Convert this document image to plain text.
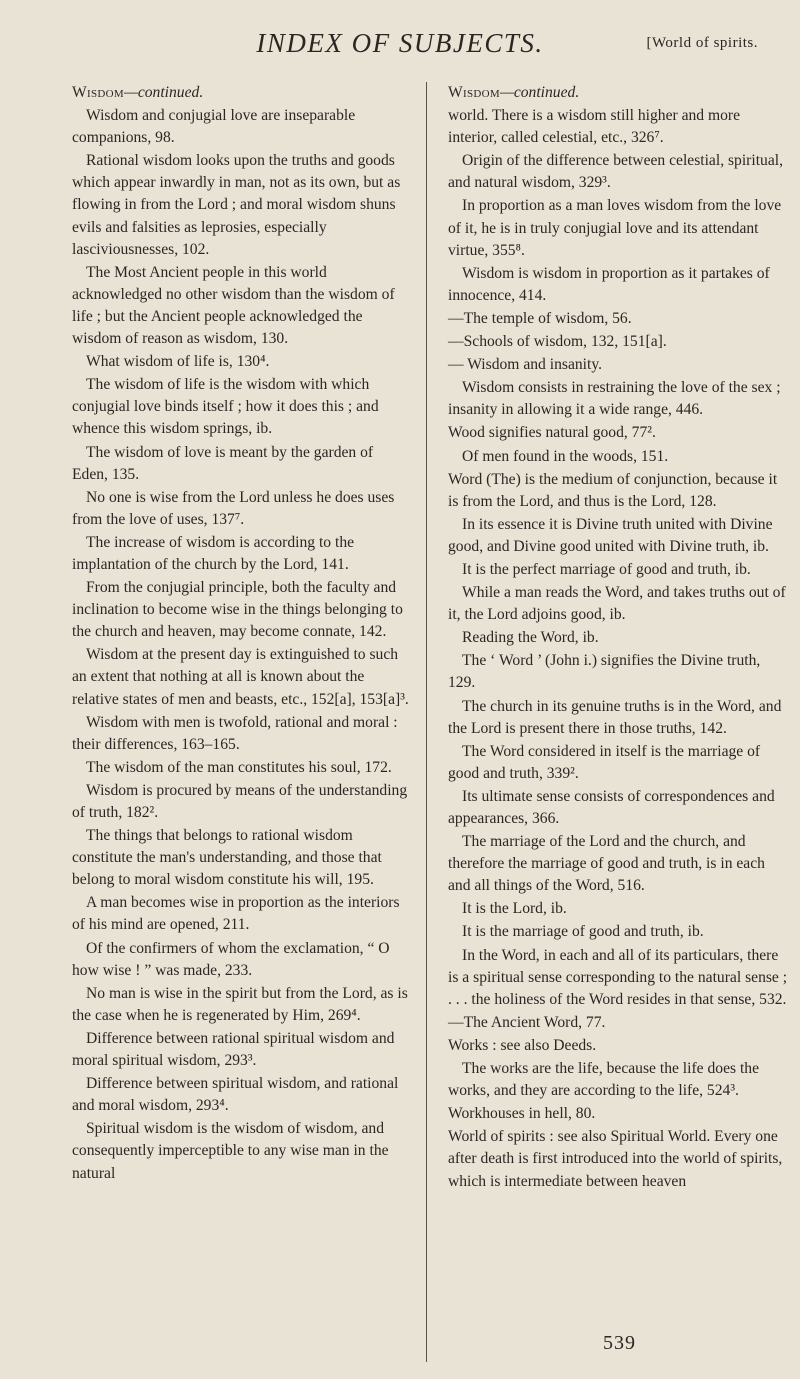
INDEX OF SUBJECTS.	[World of spirits.
Wisdom—continued.
Wisdom and conjugial love are inseparable companions, 98.
Rational wisdom looks upon the truths and goods which appear inwardly in man, not as its own, but as flowing in from the Lord ; and moral wisdom shuns evils and falsities as leprosies, especially lasciviousnesses, 102.
The Most Ancient people in this world acknowledged no other wisdom than the wisdom of life ; but the Ancient people acknowledged the wisdom of reason as wisdom, 130.
What wisdom of life is, 130⁴.
The wisdom of life is the wisdom with which conjugial love binds itself ; how it does this ; and whence this wisdom springs, ib.
The wisdom of love is meant by the garden of Eden, 135.
No one is wise from the Lord unless he does uses from the love of uses, 137⁷.
The increase of wisdom is according to the implantation of the church by the Lord, 141.
From the conjugial principle, both the faculty and inclination to become wise in the things belonging to the church and heaven, may become connate, 142.
Wisdom at the present day is extinguished to such an extent that nothing at all is known about the relative states of men and beasts, etc., 152[a], 153[a]³.
Wisdom with men is twofold, rational and moral : their differences, 163–165.
The wisdom of the man constitutes his soul, 172.
Wisdom is procured by means of the understanding of truth, 182².
The things that belongs to rational wisdom constitute the man's understanding, and those that belong to moral wisdom constitute his will, 195.
A man becomes wise in proportion as the interiors of his mind are opened, 211.
Of the confirmers of whom the exclamation, “ O how wise ! ” was made, 233.
No man is wise in the spirit but from the Lord, as is the case when he is regenerated by Him, 269⁴.
Difference between rational spiritual wisdom and moral spiritual wisdom, 293³.
Difference between spiritual wisdom, and rational and moral wisdom, 293⁴.
Spiritual wisdom is the wisdom of wisdom, and consequently imperceptible to any wise man in the natural
Wisdom—continued.
world. There is a wisdom still higher and more interior, called celestial, etc., 326⁷.
Origin of the difference between celestial, spiritual, and natural wisdom, 329³.
In proportion as a man loves wisdom from the love of it, he is in truly conjugial love and its attendant virtue, 355⁸.
Wisdom is wisdom in proportion as it partakes of innocence, 414.
—The temple of wisdom, 56.
—Schools of wisdom, 132, 151[a].
— Wisdom and insanity.
Wisdom consists in restraining the love of the sex ; insanity in allowing it a wide range, 446.
Wood signifies natural good, 77².
Of men found in the woods, 151.
Word (The) is the medium of conjunction, because it is from the Lord, and thus is the Lord, 128.
In its essence it is Divine truth united with Divine good, and Divine good united with Divine truth, ib.
It is the perfect marriage of good and truth, ib.
While a man reads the Word, and takes truths out of it, the Lord adjoins good, ib.
Reading the Word, ib.
The ‘ Word ’ (John i.) signifies the Divine truth, 129.
The church in its genuine truths is in the Word, and the Lord is present there in those truths, 142.
The Word considered in itself is the marriage of good and truth, 339².
Its ultimate sense consists of correspondences and appearances, 366.
The marriage of the Lord and the church, and therefore the marriage of good and truth, is in each and all things of the Word, 516.
It is the Lord, ib.
It is the marriage of good and truth, ib.
In the Word, in each and all of its particulars, there is a spiritual sense corresponding to the natural sense ; . . . the holiness of the Word resides in that sense, 532.
—The Ancient Word, 77.
Works : see also Deeds.
The works are the life, because the life does the works, and they are according to the life, 524³.
Workhouses in hell, 80.
World of spirits : see also Spiritual World. Every one after death is first introduced into the world of spirits, which is intermediate between heaven
539
